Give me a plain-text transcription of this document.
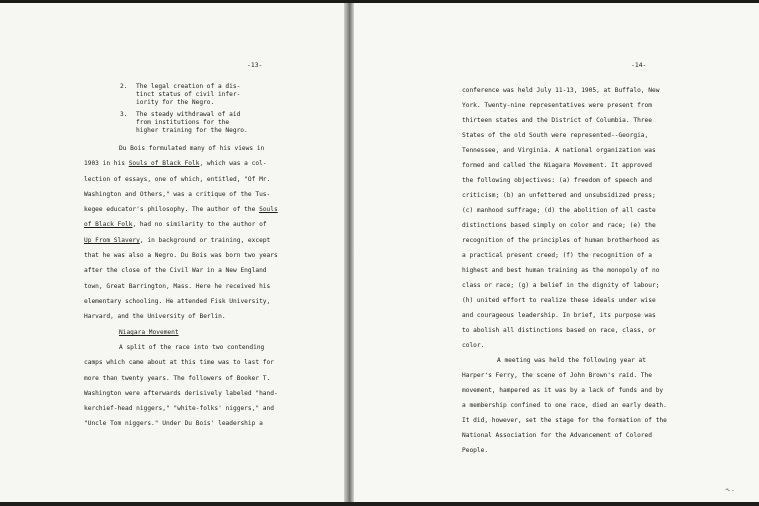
-13-
2. The legal creation of a dis-
tinct status of civil infer-
iority for the Negro.
3. The steady withdrawal of aid
from institutions for the
higher training for the Negro.
Du Bois formulated many of his views in
1903 in his Souls of Black Folk, which was a col-
lection of essays, one of which, entitled, "Of Mr.
Washington and Others," was a critique of the Tus-
kegee educator's philosophy. The author of the Souls
of Black Folk, had no similarity to the author of
Up From Slavery, in background or training, except
that he was also a Negro. Du Bois was born two years
after the close of the Civil War in a New England
town, Great Barrington, Mass. Here he received his
elementary schooling. He attended Fisk University,
Harvard, and the University of Berlin.
Niagara Movement
A split of the race into two contending
camps which came about at this time was to last for
more than twenty years. The followers of Booker T.
Washington were afterwards derisively labeled "hand-
kerchief-head niggers," "white-folks' niggers," and
"Uncle Tom niggers." Under Du Bois' leadership a
-14-
conference was held July 11-13, 1905, at Buffalo, New
York. Twenty-nine representatives were present from
thirteen states and the District of Columbia. Three
States of the old South were represented--Georgia,
Tennessee, and Virginia. A national organization was
formed and called the Niagara Movement. It approved
the following objectives: (a) freedom of speech and
criticism; (b) an unfettered and unsubsidized press;
(c) manhood suffrage; (d) the abolition of all caste
distinctions based simply on color and race; (e) the
recognition of the principles of human brotherhood as
a practical present creed; (f) the recognition of a
highest and best human training as the monopoly of no
class or race; (g) a belief in the dignity of labour;
(h) united effort to realize these ideals under wise
and courageous leadership. In brief, its purpose was
to abolish all distinctions based on race, class, or
color.
A meeting was held the following year at
Harper's Ferry, the scene of John Brown's raid. The
movement, hampered as it was by a lack of funds and by
a membership confined to one race, died an early death.
It did, however, set the stage for the formation of the
National Association for the Advancement of Colored
People.
˞˗
